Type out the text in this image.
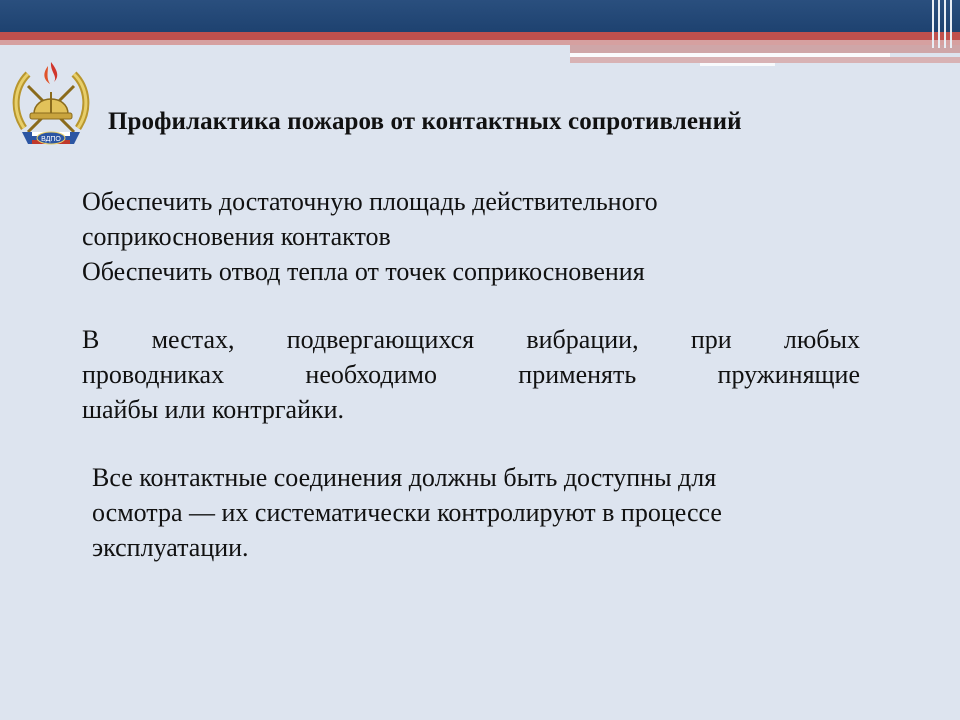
ВДПО
Профилактика пожаров от контактных сопротивлений
Обеспечить достаточную площадь действительного
соприкосновения контактов
Обеспечить отвод тепла от точек соприкосновения
В местах, подвергающихся вибрации, при любых
проводниках необходимо применять пружинящие
шайбы или контргайки.
Все контактные соединения должны быть доступны для
осмотра — их систематически контролируют в процессе
эксплуатации.
